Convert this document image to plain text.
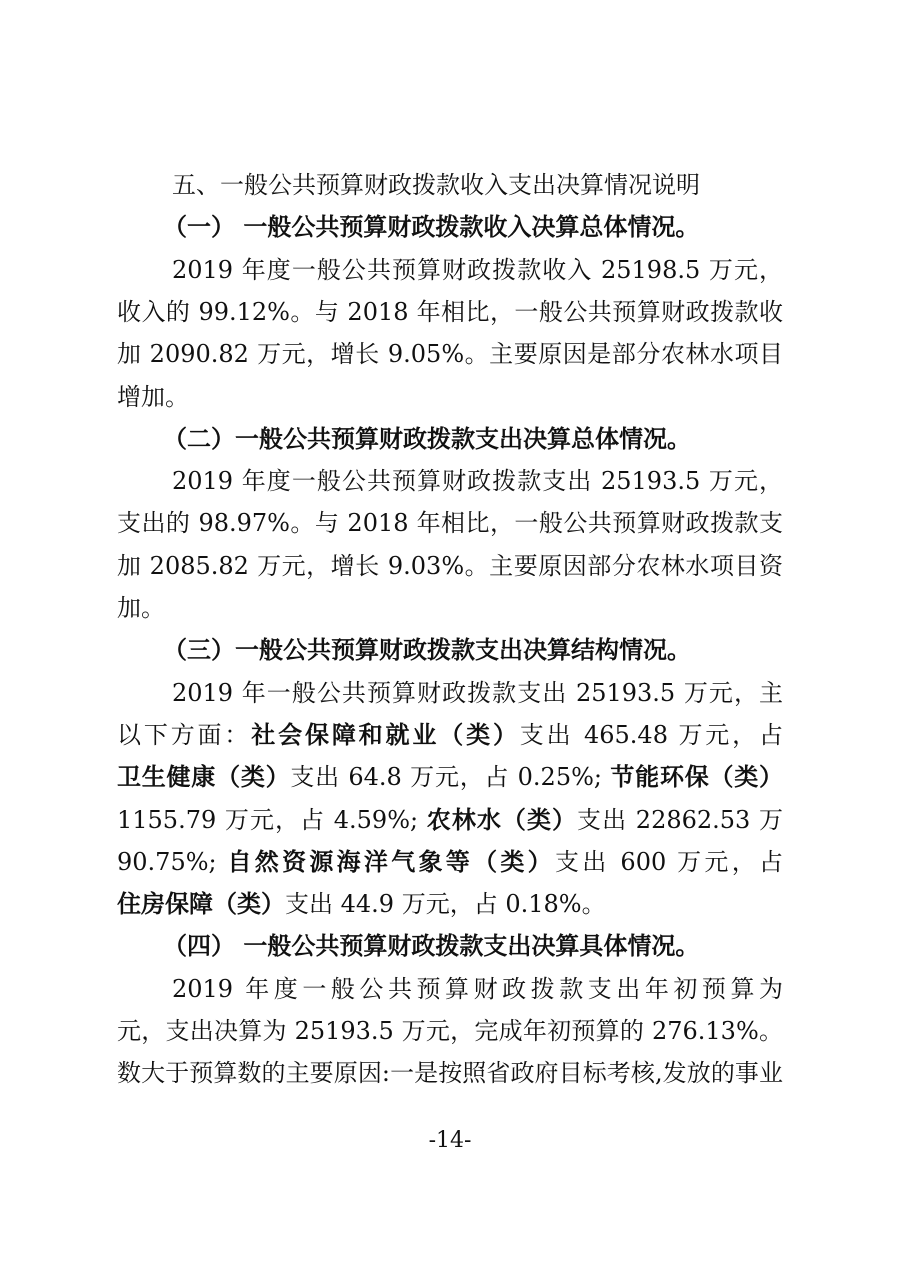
-14-
五、一般公共预算财政拨款收入支出决算情况说明
（一） 一般公共预算财政拨款收入决算总体情况。
2019 年度一般公共预算财政拨款收入 25198.5 万元，
收入的 99.12%。与 2018 年相比，一般公共预算财政拨款收
加 2090.82 万元，增长 9.05%。主要原因是部分农林水项目
增加。
（二）一般公共预算财政拨款支出决算总体情况。
2019 年度一般公共预算财政拨款支出 25193.5 万元，
支出的 98.97%。与 2018 年相比，一般公共预算财政拨款支
加 2085.82 万元，增长 9.03%。主要原因部分农林水项目资
加。
（三）一般公共预算财政拨款支出决算结构情况。
2019 年一般公共预算财政拨款支出 25193.5 万元，主
以下方面：社会保障和就业（类）支出 465.48 万元，占
卫生健康（类）支出 64.8 万元，占 0.25%; 节能环保（类）
1155.79 万元，占 4.59%; 农林水（类）支出 22862.53 万
90.75%; 自然资源海洋气象等（类）支出 600 万元，占
住房保障（类）支出 44.9 万元，占 0.18%。
（四） 一般公共预算财政拨款支出决算具体情况。
2019 年度一般公共预算财政拨款支出年初预算为
元，支出决算为 25193.5 万元，完成年初预算的 276.13%。
数大于预算数的主要原因:一是按照省政府目标考核,发放的事业
